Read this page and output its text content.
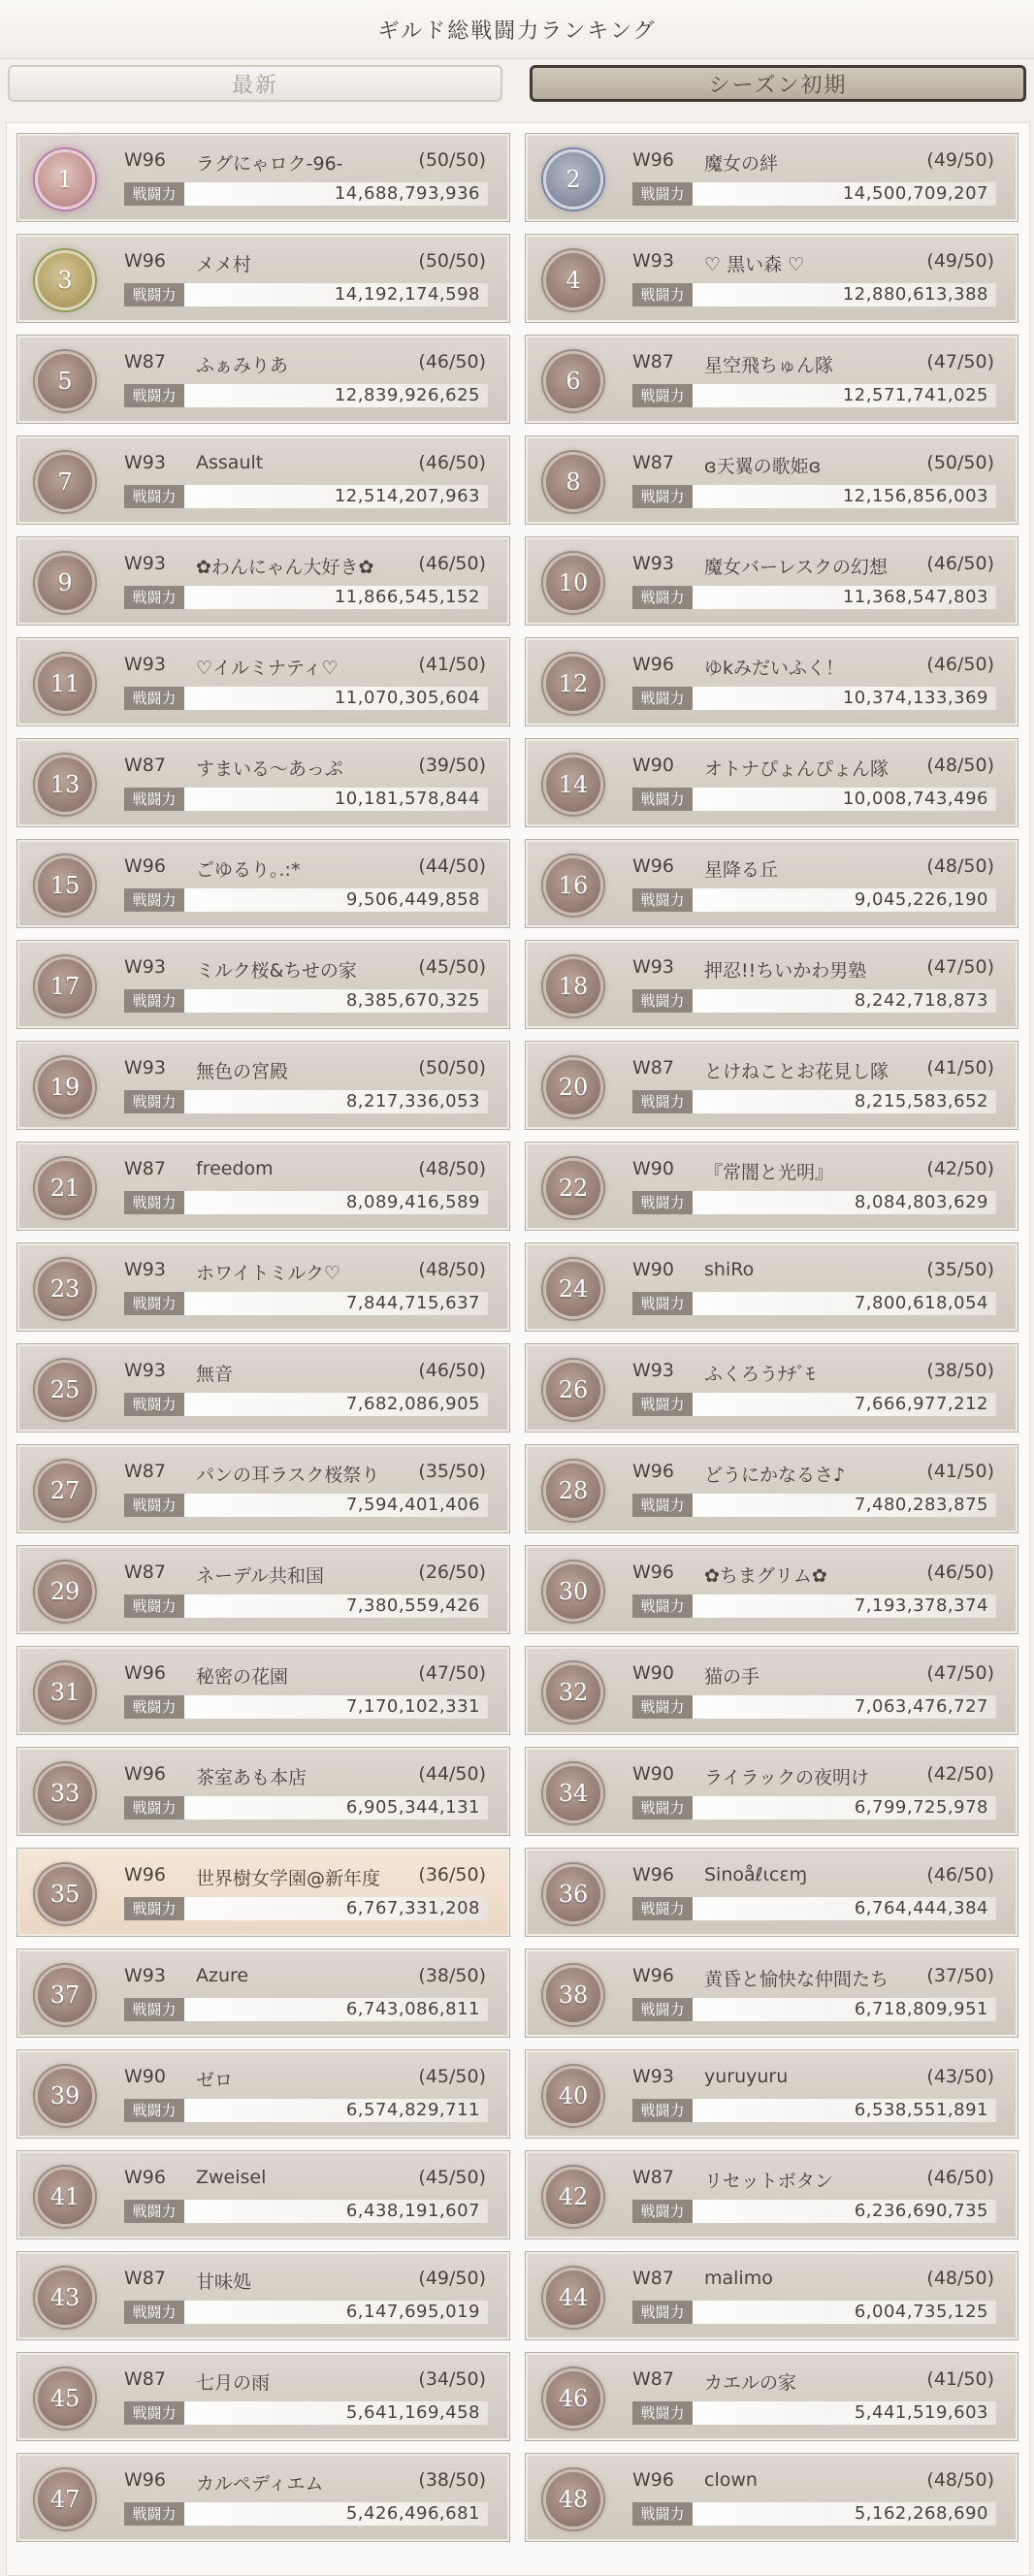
ギルド総戦闘力ランキング
最新	シーズン初期
1
W96 ラグにゃロク-96-	(50/50)
戦闘力	14,688,793,936
2
W96 魔女の絆	(49/50)
戦闘力	14,500,709,207
3
W96 メメ村	(50/50)
戦闘力	14,192,174,598
4
W93 ♡ 黒い森 ♡	(49/50)
戦闘力	12,880,613,388
5
W87 ふぁみりあ	(46/50)
戦闘力	12,839,926,625
6
W87 星空飛ちゅん隊	(47/50)
戦闘力	12,571,741,025
7
W93 Assault	(46/50)
戦闘力	12,514,207,963
8
W87 ɞ天翼の歌姫ɞ	(50/50)
戦闘力	12,156,856,003
9
W93 ✿わんにゃん大好き✿ (46/50)
戦闘力	11,866,545,152
10
W93 魔女バーレスクの幻想 (46/50)
戦闘力	11,368,547,803
11
W93 ♡イルミナティ♡	(41/50)
戦闘力	11,070,305,604
12
W96 ゆkみだいふく！	(46/50)
戦闘力	10,374,133,369
13
W87 すまいる〜あっぷ	(39/50)
戦闘力	10,181,578,844
14
W90 オトナぴょんぴょん隊 (48/50)
戦闘力	10,008,743,496
15
W96 ごゆるり｡.:*	(44/50)
戦闘力	9,506,449,858
16
W96 星降る丘	(48/50)
戦闘力	9,045,226,190
17
W93 ミルク桜&ちせの家	(45/50)
戦闘力	8,385,670,325
18
W93 押忍!!ちいかわ男塾	(47/50)
戦闘力	8,242,718,873
19
W93 無色の宮殿	(50/50)
戦闘力	8,217,336,053
20
W87 とけねことお花見し隊 (41/50)
戦闘力	8,215,583,652
21
W87 freedom	(48/50)
戦闘力	8,089,416,589
22
W90 『常闇と光明』	(42/50)
戦闘力	8,084,803,629
23
W93 ホワイトミルク♡	(48/50)
戦闘力	7,844,715,637
24
W90 shiRo	(35/50)
戦闘力	7,800,618,054
25
W93 無音	(46/50)
戦闘力	7,682,086,905
26
W93 ふくろうﾅﾁﾞﾓ	(38/50)
戦闘力	7,666,977,212
27
W87 パンの耳ラスク桜祭り (35/50)
戦闘力	7,594,401,406
28
W96 どうにかなるさ♪	(41/50)
戦闘力	7,480,283,875
29
W87 ネーデル共和国	(26/50)
戦闘力	7,380,559,426
30
W96 ✿ちまグリム✿	(46/50)
戦闘力	7,193,378,374
31
W96 秘密の花園	(47/50)
戦闘力	7,170,102,331
32
W90 猫の手	(47/50)
戦闘力	7,063,476,727
33
W96 茶室あも本店	(44/50)
戦闘力	6,905,344,131
34
W90 ライラックの夜明け	(42/50)
戦闘力	6,799,725,978
35
W96 世界樹女学園@新年度 (36/50)
戦闘力	6,767,331,208
36
W96 Sinoåℓιcɛɱ	(46/50)
戦闘力	6,764,444,384
37
W93 Azure	(38/50)
戦闘力	6,743,086,811
38
W96 黄昏と愉快な仲間たち (37/50)
戦闘力	6,718,809,951
39
W90 ゼロ	(45/50)
戦闘力	6,574,829,711
40
W93 yuruyuru	(43/50)
戦闘力	6,538,551,891
41
W96 Zweisel	(45/50)
戦闘力	6,438,191,607
42
W87 リセットボタン	(46/50)
戦闘力	6,236,690,735
43
W87 甘味処	(49/50)
戦闘力	6,147,695,019
44
W87 malimo	(48/50)
戦闘力	6,004,735,125
45
W87 七月の雨	(34/50)
戦闘力	5,641,169,458
46
W87 カエルの家	(41/50)
戦闘力	5,441,519,603
47
W96 カルペディエム	(38/50)
戦闘力	5,426,496,681
48
W96 clown	(48/50)
戦闘力	5,162,268,690
